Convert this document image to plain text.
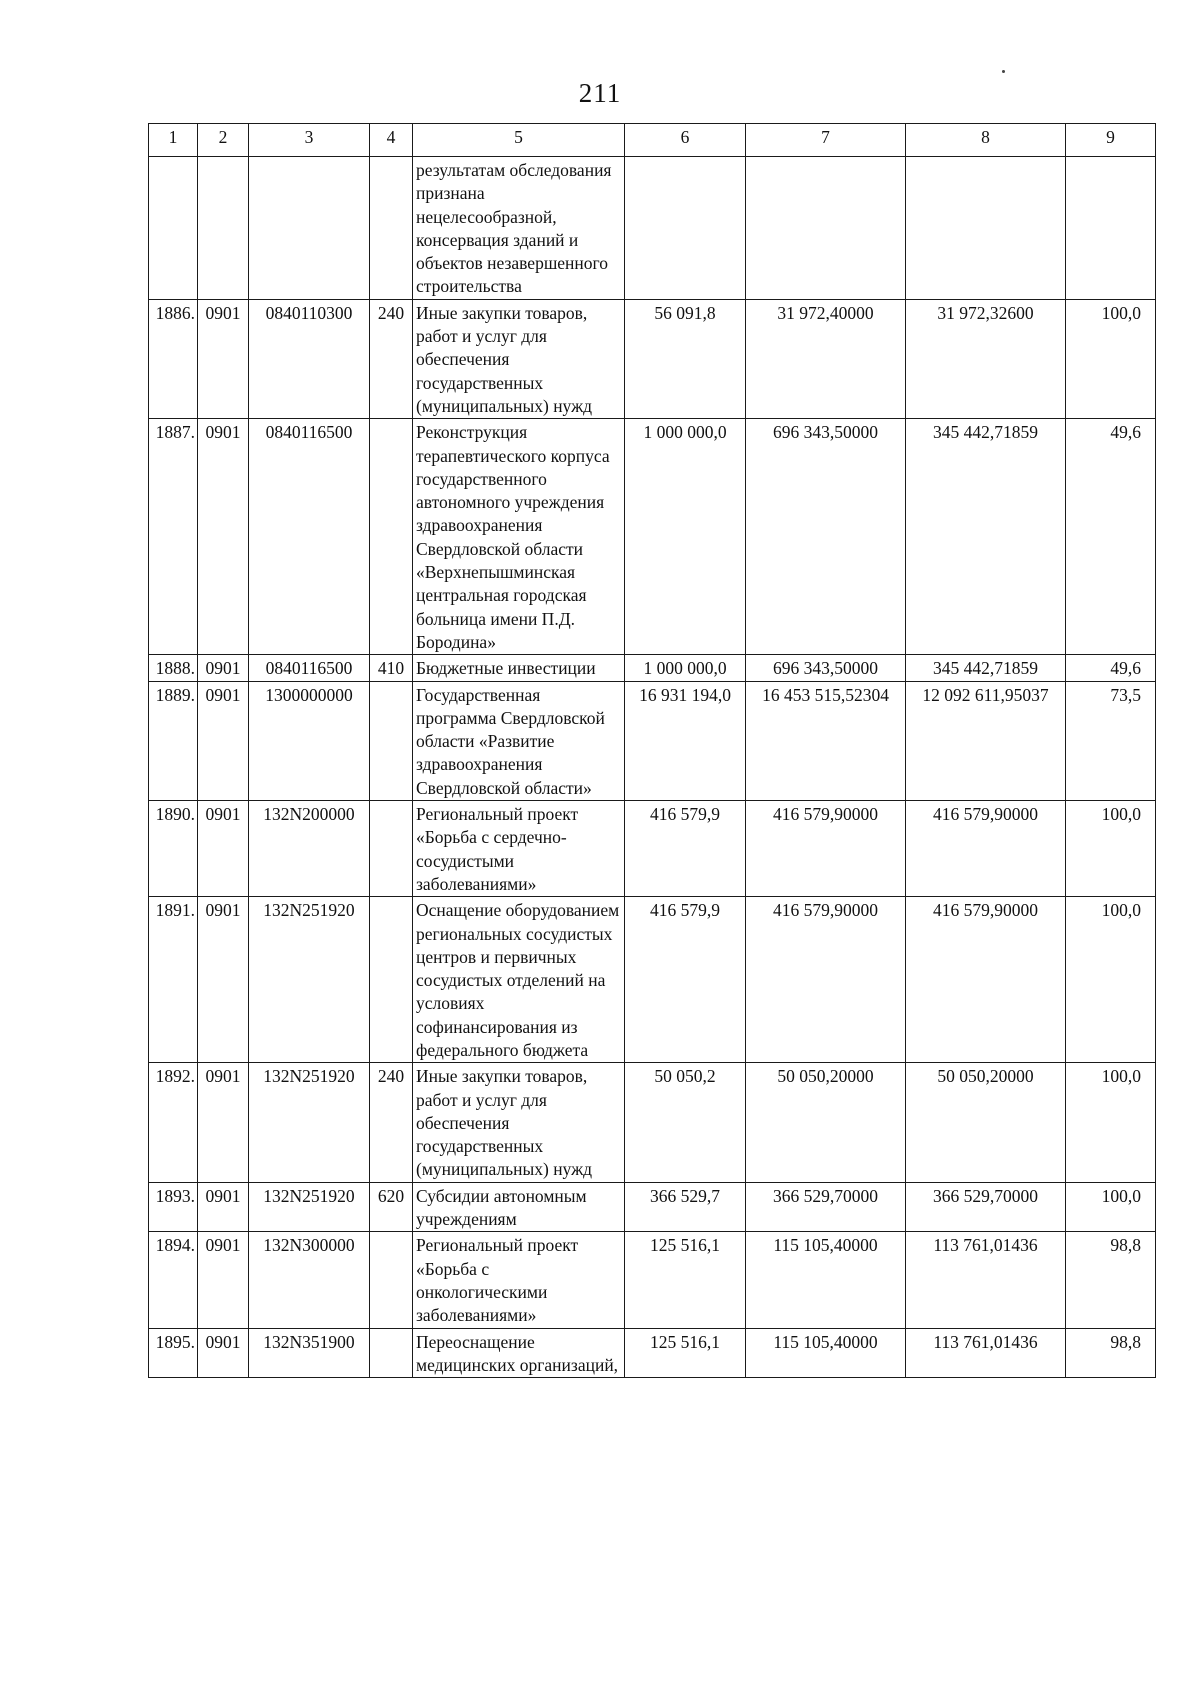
211
1	2	3	4	5	6	7	8	9
				результатам обследования признана нецелесообразной, консервация зданий и объектов незавершенного строительства				
1886.	0901	0840110300	240	Иные закупки товаров, работ и услуг для обеспечения государственных (муниципальных) нужд	56 091,8	31 972,40000	31 972,32600	100,0
1887.	0901	0840116500		Реконструкция терапевтического корпуса государственного автономного учреждения здравоохранения Свердловской области «Верхнепышминская центральная городская больница имени П.Д. Бородина»	1 000 000,0	696 343,50000	345 442,71859	49,6
1888.	0901	0840116500	410	Бюджетные инвестиции	1 000 000,0	696 343,50000	345 442,71859	49,6
1889.	0901	1300000000		Государственная программа Свердловской области «Развитие здравоохранения Свердловской области»	16 931 194,0	16 453 515,52304	12 092 611,95037	73,5
1890.	0901	132N200000		Региональный проект «Борьба с сердечно-сосудистыми заболеваниями»	416 579,9	416 579,90000	416 579,90000	100,0
1891.	0901	132N251920		Оснащение оборудованием региональных сосудистых центров и первичных сосудистых отделений на условиях софинансирования из федерального бюджета	416 579,9	416 579,90000	416 579,90000	100,0
1892.	0901	132N251920	240	Иные закупки товаров, работ и услуг для обеспечения государственных (муниципальных) нужд	50 050,2	50 050,20000	50 050,20000	100,0
1893.	0901	132N251920	620	Субсидии автономным учреждениям	366 529,7	366 529,70000	366 529,70000	100,0
1894.	0901	132N300000		Региональный проект «Борьба с онкологическими заболеваниями»	125 516,1	115 105,40000	113 761,01436	98,8
1895.	0901	132N351900		Переоснащение медицинских организаций,	125 516,1	115 105,40000	113 761,01436	98,8
